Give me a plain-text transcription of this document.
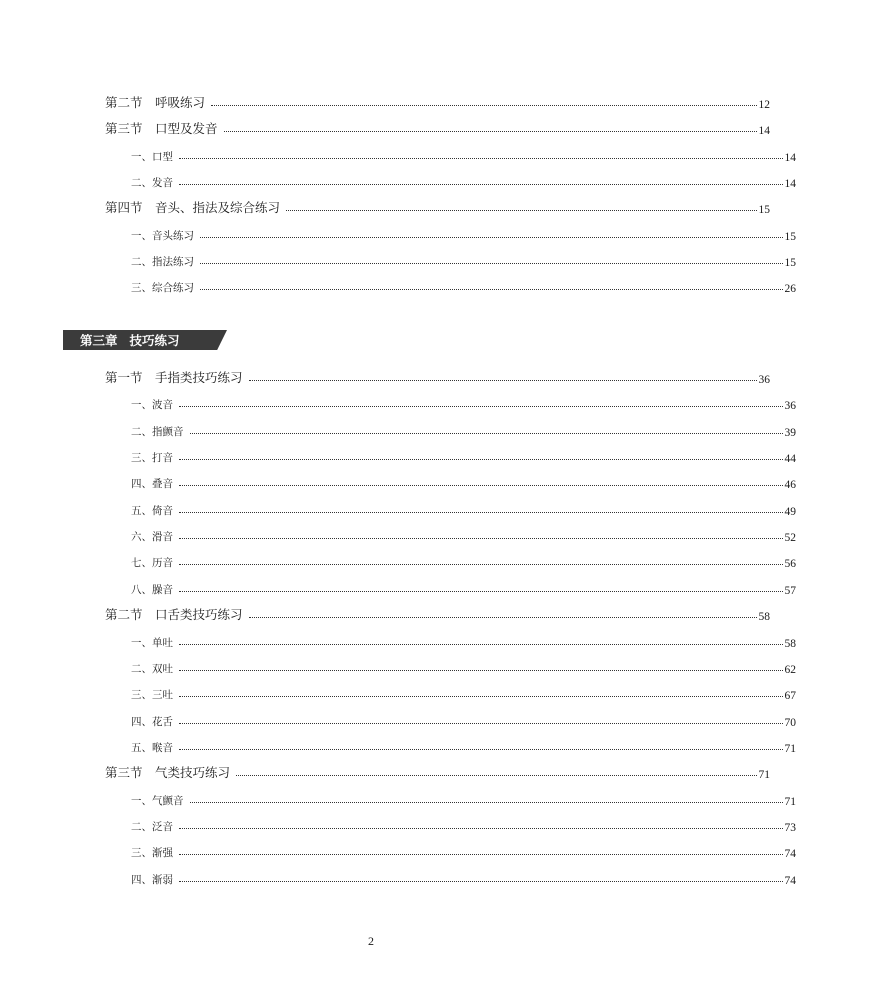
第二节　呼吸练习	12
第三节　口型及发音	14
一、口型	14
二、发音	14
第四节　音头、指法及综合练习	15
一、音头练习	15
二、指法练习	15
三、综合练习	26
第三章 技巧练习
第一节　手指类技巧练习	36
一、波音	36
二、指颤音	39
三、打音	44
四、叠音	46
五、倚音	49
六、滑音	52
七、历音	56
八、臊音	57
第二节　口舌类技巧练习	58
一、单吐	58
二、双吐	62
三、三吐	67
四、花舌	70
五、喉音	71
第三节　气类技巧练习	71
一、气颤音	71
二、泛音	73
三、渐强	74
四、渐弱	74
2
